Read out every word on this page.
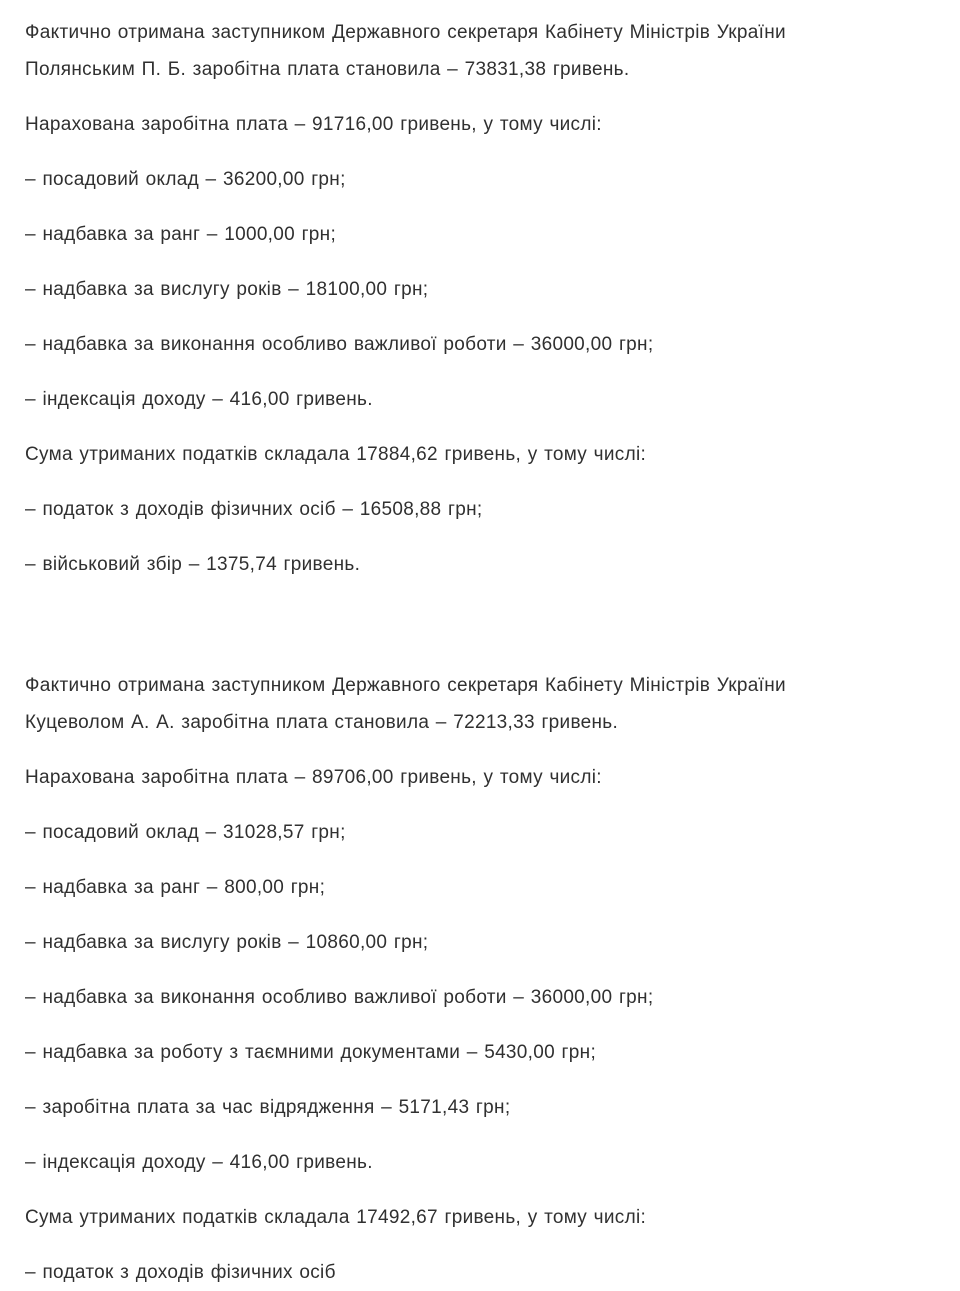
Фактично отримана заступником Державного секретаря Кабінету Міністрів України Полянським П. Б. заробітна плата становила – 73831,38 гривень.

Нарахована заробітна плата – 91716,00 гривень, у тому числі:

– посадовий оклад – 36200,00 грн;

– надбавка за ранг – 1000,00 грн;

– надбавка за вислугу років – 18100,00 грн;

– надбавка за виконання особливо важливої роботи – 36000,00 грн;

– індексація доходу – 416,00 гривень.

Сума утриманих податків складала 17884,62 гривень, у тому числі:

– податок з доходів фізичних осіб – 16508,88 грн;

– військовий збір – 1375,74 гривень.

Фактично отримана заступником Державного секретаря Кабінету Міністрів України Куцеволом А. А. заробітна плата становила – 72213,33 гривень.

Нарахована заробітна плата – 89706,00 гривень, у тому числі:

– посадовий оклад – 31028,57 грн;

– надбавка за ранг – 800,00 грн;

– надбавка за вислугу років – 10860,00 грн;

– надбавка за виконання особливо важливої роботи – 36000,00 грн;

– надбавка за роботу з таємними документами – 5430,00 грн;

– заробітна плата за час відрядження – 5171,43 грн;

– індексація доходу – 416,00 гривень.

Сума утриманих податків складала 17492,67 гривень, у тому числі:

– податок з доходів фізичних осіб
